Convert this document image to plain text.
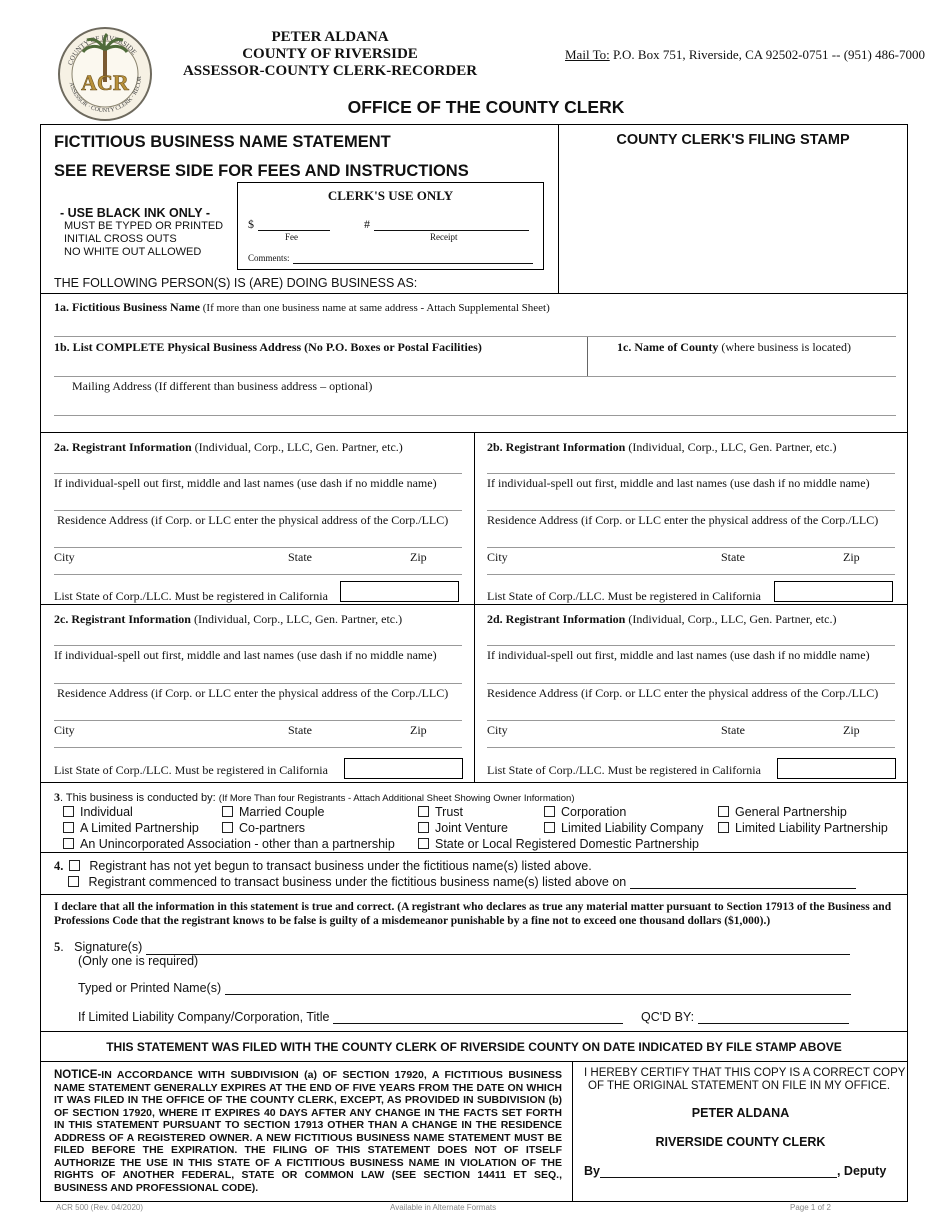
COUNTY OF RIVERSIDE
ASSESSOR · COUNTY CLERK · RECOR
ACR
PETER ALDANA
COUNTY OF RIVERSIDE
ASSESSOR-COUNTY CLERK-RECORDER
Mail To: P.O. Box 751, Riverside, CA 92502-0751 -- (951) 486-7000
OFFICE OF THE COUNTY CLERK
FICTITIOUS BUSINESS NAME STATEMENT
SEE REVERSE SIDE FOR FEES AND INSTRUCTIONS
- USE BLACK INK ONLY -
MUST BE TYPED OR PRINTED
INITIAL CROSS OUTS
NO WHITE OUT ALLOWED
CLERK'S USE ONLY
$
Fee
#
Receipt
Comments:
THE FOLLOWING PERSON(S) IS (ARE) DOING BUSINESS AS:
COUNTY CLERK'S FILING STAMP
1a. Fictitious Business Name (If more than one business name at same address - Attach Supplemental Sheet)
1b. List COMPLETE Physical Business Address (No P.O. Boxes or Postal Facilities)	1c. Name of County (where business is located)
Mailing Address (If different than business address – optional)
2a. Registrant Information (Individual, Corp., LLC, Gen. Partner, etc.)
If individual-spell out first, middle and last names (use dash if no middle name)
Residence Address (if Corp. or LLC enter the physical address of the Corp./LLC)
City	State	Zip
List State of Corp./LLC. Must be registered in California
2b. Registrant Information (Individual, Corp., LLC, Gen. Partner, etc.)
If individual-spell out first, middle and last names (use dash if no middle name)
Residence Address (if Corp. or LLC enter the physical address of the Corp./LLC)
City	State	Zip
List State of Corp./LLC. Must be registered in California
2c. Registrant Information (Individual, Corp., LLC, Gen. Partner, etc.)
If individual-spell out first, middle and last names (use dash if no middle name)
Residence Address (if Corp. or LLC enter the physical address of the Corp./LLC)
City	State	Zip
List State of Corp./LLC. Must be registered in California
2d. Registrant Information (Individual, Corp., LLC, Gen. Partner, etc.)
If individual-spell out first, middle and last names (use dash if no middle name)
Residence Address (if Corp. or LLC enter the physical address of the Corp./LLC)
City	State	Zip
List State of Corp./LLC. Must be registered in California
3. This business is conducted by: (If More Than four Registrants - Attach Additional Sheet Showing Owner Information)
Individual	Married Couple	Trust	Corporation	General Partnership
A Limited Partnership	Co-partners	Joint Venture	Limited Liability Company	Limited Liability Partnership
An Unincorporated Association - other than a partnership	State or Local Registered Domestic Partnership
4. Registrant has not yet begun to transact business under the fictitious name(s) listed above.
Registrant commenced to transact business under the fictitious business name(s) listed above on
I declare that all the information in this statement is true and correct. (A registrant who declares as true any material matter pursuant to Section 17913 of the Business and Professions Code that the registrant knows to be false is guilty of a misdemeanor punishable by a fine not to exceed one thousand dollars ($1,000).)
5.   Signature(s)
(Only one is required)
Typed or Printed Name(s)
If Limited Liability Company/Corporation, Title	QC'D BY:
THIS STATEMENT WAS FILED WITH THE COUNTY CLERK OF RIVERSIDE COUNTY ON DATE INDICATED BY FILE STAMP ABOVE
NOTICE-IN ACCORDANCE WITH SUBDIVISION (a) OF SECTION 17920, A FICTITIOUS BUSINESS NAME STATEMENT GENERALLY EXPIRES AT THE END OF FIVE YEARS FROM THE DATE ON WHICH IT WAS FILED IN THE OFFICE OF THE COUNTY CLERK, EXCEPT, AS PROVIDED IN SUBDIVISION (b) OF SECTION 17920, WHERE IT EXPIRES 40 DAYS AFTER ANY CHANGE IN THE FACTS SET FORTH IN THIS STATEMENT PURSUANT TO SECTION 17913 OTHER THAN A CHANGE IN THE RESIDENCE ADDRESS OF A REGISTERED OWNER. A NEW FICTITIOUS BUSINESS NAME STATEMENT MUST BE FILED BEFORE THE EXPIRATION. THE FILING OF THIS STATEMENT DOES NOT OF ITSELF AUTHORIZE THE USE IN THIS STATE OF A FICTITIOUS BUSINESS NAME IN VIOLATION OF THE RIGHTS OF ANOTHER FEDERAL, STATE OR COMMON LAW (SEE SECTION 14411 ET SEQ., BUSINESS AND PROFESSIONAL CODE).
I HEREBY CERTIFY THAT THIS COPY IS A CORRECT COPY
OF THE ORIGINAL STATEMENT ON FILE IN MY OFFICE.
PETER ALDANA
RIVERSIDE COUNTY CLERK
By	, Deputy
ACR 500 (Rev. 04/2020)	Available in Alternate Formats	Page 1 of 2
